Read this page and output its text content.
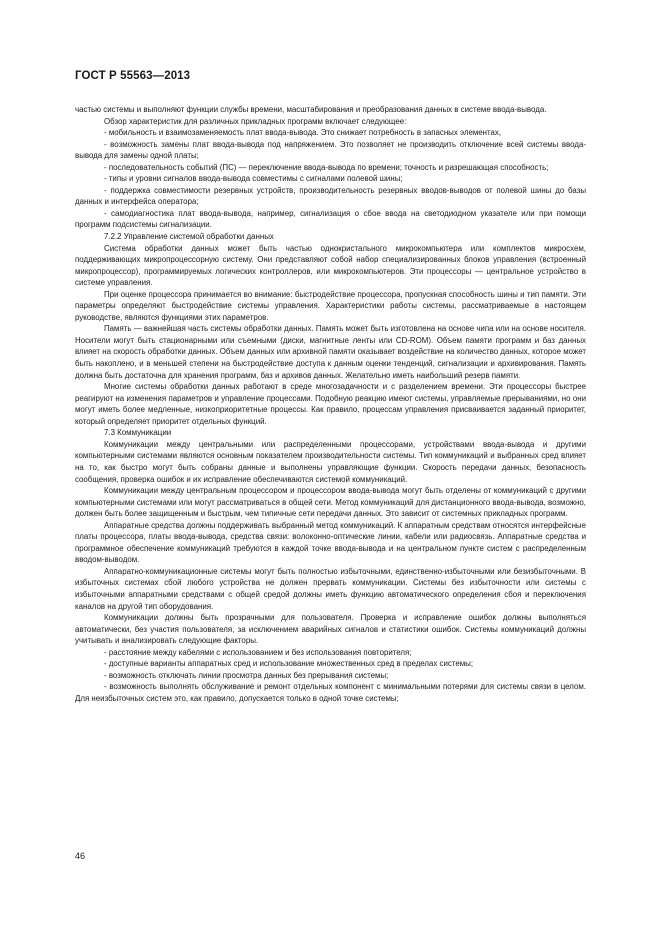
ГОСТ Р 55563—2013

частью системы и выполняют функции службы времени, масштабирования и преобразования данных в системе ввода-вывода.

Обзор характеристик для различных прикладных программ включает следующее:

- мобильность и взаимозаменяемость плат ввода-вывода. Это снижает потребность в запасных элементах,

- возможность замены плат ввода-вывода под напряжением. Это позволяет не производить отключение всей системы ввода-вывода для замены одной платы;

- последовательность событий (ПС) — переключение ввода-вывода по времени; точность и разрешающая способность;

- типы и уровни сигналов ввода-вывода совместимы с сигналами полевой шины;

- поддержка совместимости резервных устройств, производительность резервных вводов-выводов от полевой шины до базы данных и интерфейса оператора;

- самодиагностика плат ввода-вывода, например, сигнализация о сбое ввода на светодиодном указателе или при помощи программ подсистемы сигнализации.

7.2.2 Управление системой обработки данных

Система обработки данных может быть частью однокристального микрокомпьютера или комплектов микросхем, поддерживающих микропроцессорную систему. Они представляют собой набор специализированных блоков управления (встроенный микропроцессор), программируемых логических контроллеров, или микрокомпьютеров. Эти процессоры — центральное устройство в системе управления.

При оценке процессора принимается во внимание: быстродействие процессора, пропускная способность шины и тип памяти. Эти параметры определяют быстродействие системы управления. Характеристики работы системы, рассматриваемые в настоящем руководстве, являются функциями этих параметров.

Память — важнейшая часть системы обработки данных. Память может быть изготовлена на основе чипа или на основе носителя. Носители могут быть стационарными или съемными (диски, магнитные ленты или CD-ROM). Объем памяти программ и баз данных влияет на скорость обработки данных. Объем данных или архивной памяти оказывает воздействие на количество данных, которое может быть накоплено, и в меньшей степени на быстродействие доступа к данным оценки тенденций, сигнализации и архивирования. Память должна быть достаточна для хранения программ, баз и архивов данных. Желательно иметь наибольший резерв памяти.

Многие системы обработки данных работают в среде многозадачности и с разделением времени. Эти процессоры быстрее реагируют на изменения параметров и управление процессами. Подобную реакцию имеют системы, управляемые прерываниями, но они могут иметь более медленные, низкоприоритетные процессы. Как правило, процессам управления присваивается заданный приоритет, который определяет приоритет отдельных функций.

7.3 Коммуникации

Коммуникации между центральными или распределенными процессорами, устройствами ввода-вывода и другими компьютерными системами являются основным показателем производительности системы. Тип коммуникаций и выбранных сред влияет на то, как быстро могут быть собраны данные и выполнены управляющие функции. Скорость передачи данных, безопасность сообщения, проверка ошибок и их исправление обеспечиваются системой коммуникаций.

Коммуникации между центральным процессором и процессором ввода-вывода могут быть отделены от коммуникаций с другими компьютерными системами или могут рассматриваться в общей сети. Метод коммуникаций для дистанционного ввода-вывода, возможно, должен быть более защищенным и быстрым, чем типичные сети передачи данных. Это зависит от системных прикладных программ.

Аппаратные средства должны поддерживать выбранный метод коммуникаций. К аппаратным средствам относятся интерфейсные платы процессора, платы ввода-вывода, средства связи: волоконно-оптические линии, кабели или радиосвязь. Аппаратные средства и программное обеспечение коммуникаций требуются в каждой точке ввода-вывода и на центральном пункте систем с распределенным вводом-выводом.

Аппаратно-коммуникационные системы могут быть полностью избыточными, единственно-избыточными или безизбыточными. В избыточных системах сбой любого устройства не должен прервать коммуникации. Системы без избыточности или системы с избыточными аппаратными средствами с общей средой должны иметь функцию автоматического определения сбоя и переключения каналов на другой тип оборудования.

Коммуникации должны быть прозрачными для пользователя. Проверка и исправление ошибок должны выполняться автоматически, без участия пользователя, за исключением аварийных сигналов и статистики ошибок. Системы коммуникаций должны учитывать и анализировать следующие факторы.

- расстояние между кабелями с использованием и без использования повторителя;

- доступные варианты аппаратных сред и использование множественных сред в пределах системы;

- возможность отключать линии просмотра данных без прерывания системы;

- возможность выполнять обслуживание и ремонт отдельных компонент с минимальными потерями для системы связи в целом. Для неизбыточных систем это, как правило, допускается только в одной точке системы;

46
